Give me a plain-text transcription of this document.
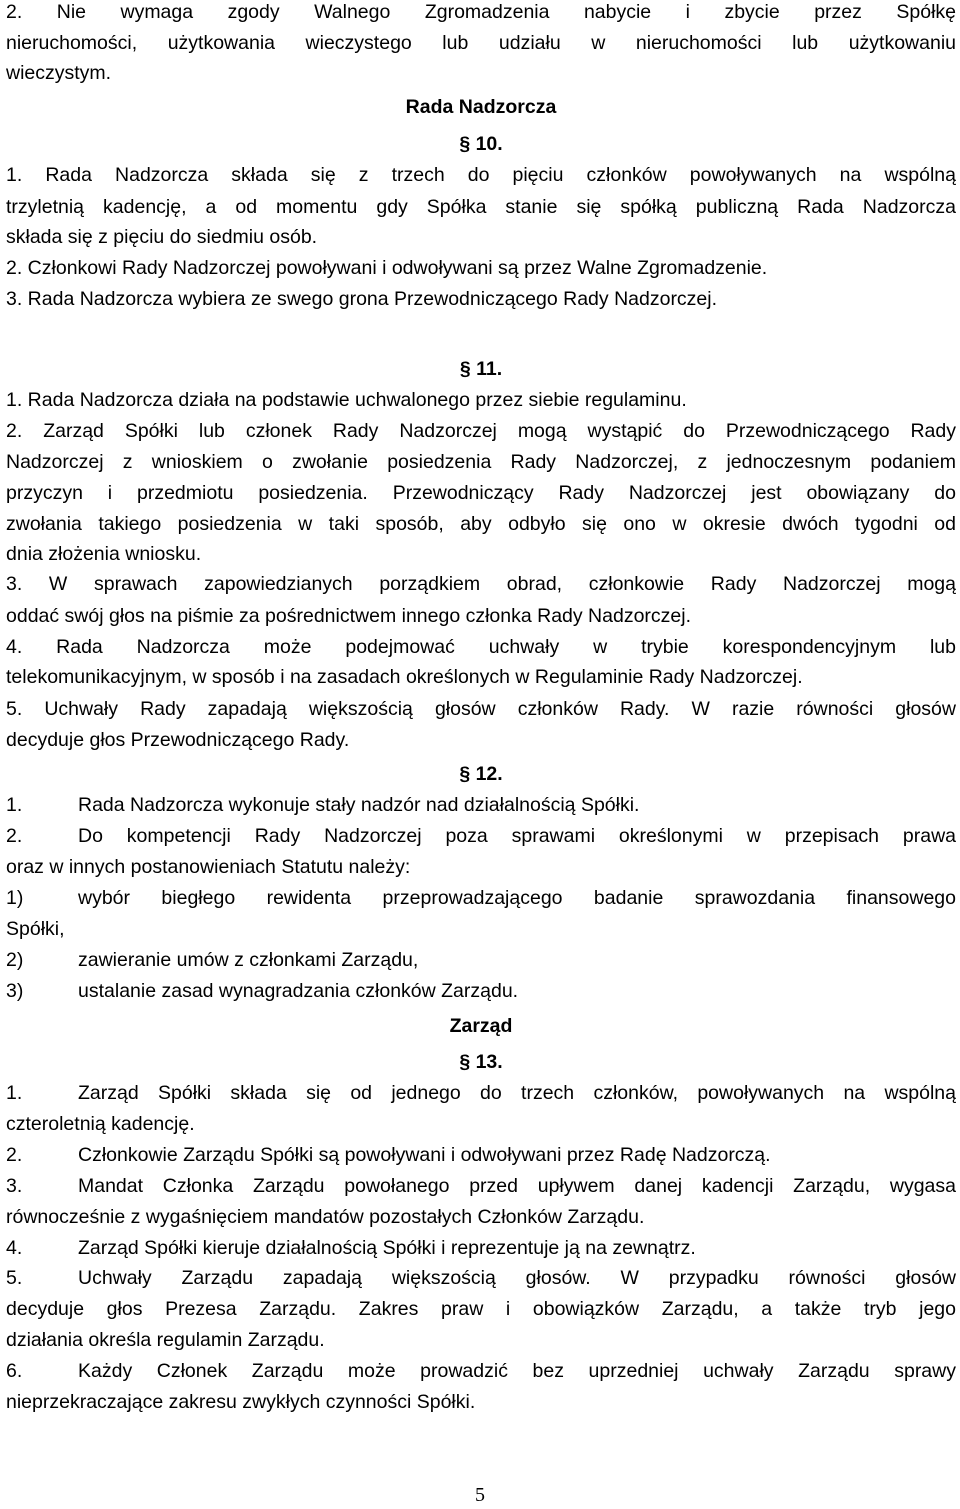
2. Nie wymaga zgody Walnego Zgromadzenia nabycie i zbycie przez Spółkę
nieruchomości, użytkowania wieczystego lub udziału w nieruchomości lub użytkowaniu
wieczystym.
Rada Nadzorcza
§ 10.
1. Rada Nadzorcza składa się z trzech do pięciu członków powoływanych na wspólną
trzyletnią kadencję, a od momentu gdy Spółka stanie się spółką publiczną Rada Nadzorcza
składa się z pięciu do siedmiu osób.
2. Członkowi Rady Nadzorczej powoływani i odwoływani są przez Walne Zgromadzenie.
3. Rada Nadzorcza wybiera ze swego grona Przewodniczącego Rady Nadzorczej.
§ 11.
1. Rada Nadzorcza działa na podstawie uchwalonego przez siebie regulaminu.
2. Zarząd Spółki lub członek Rady Nadzorczej mogą wystąpić do Przewodniczącego Rady
Nadzorczej z wnioskiem o zwołanie posiedzenia Rady Nadzorczej, z jednoczesnym podaniem
przyczyn i przedmiotu posiedzenia. Przewodniczący Rady Nadzorczej jest obowiązany do
zwołania takiego posiedzenia w taki sposób, aby odbyło się ono w okresie dwóch tygodni od
dnia złożenia wniosku.
3. W sprawach zapowiedzianych porządkiem obrad, członkowie Rady Nadzorczej mogą
oddać swój głos na piśmie za pośrednictwem innego członka Rady Nadzorczej.
4. Rada Nadzorcza może podejmować uchwały w trybie korespondencyjnym lub
telekomunikacyjnym, w sposób i na zasadach określonych w Regulaminie Rady Nadzorczej.
5. Uchwały Rady zapadają większością głosów członków Rady. W razie równości głosów
decyduje głos Przewodniczącego Rady.
§ 12.
1.	Rada Nadzorcza wykonuje stały nadzór nad działalnością Spółki.
2.	Do kompetencji Rady Nadzorczej poza sprawami określonymi w przepisach prawa
oraz w innych postanowieniach Statutu należy:
1)	wybór biegłego rewidenta przeprowadzającego badanie sprawozdania finansowego
Spółki,
2)	zawieranie umów z członkami Zarządu,
3)	ustalanie zasad wynagradzania członków Zarządu.
Zarząd
§ 13.
1.	Zarząd Spółki składa się od jednego do trzech członków, powoływanych na wspólną
czteroletnią kadencję.
2.	Członkowie Zarządu Spółki są powoływani i odwoływani przez Radę Nadzorczą.
3.	Mandat Członka Zarządu powołanego przed upływem danej kadencji Zarządu, wygasa
równocześnie z wygaśnięciem mandatów pozostałych Członków Zarządu.
4.	Zarząd Spółki kieruje działalnością Spółki i reprezentuje ją na zewnątrz.
5.	Uchwały Zarządu zapadają większością głosów. W przypadku równości głosów
decyduje głos Prezesa Zarządu. Zakres praw i obowiązków Zarządu, a także tryb jego
działania określa regulamin Zarządu.
6.	Każdy Członek Zarządu może prowadzić bez uprzedniej uchwały Zarządu sprawy
nieprzekraczające zakresu zwykłych czynności Spółki.
5
